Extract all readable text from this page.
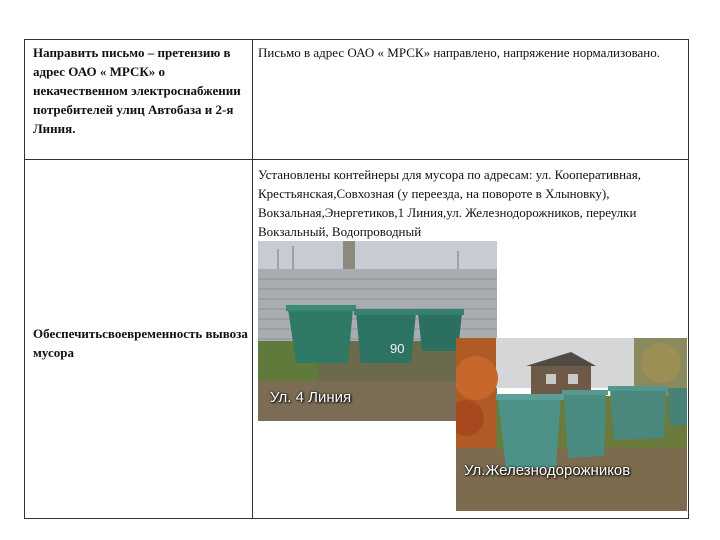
Направить письмо – претензию в адрес ОАО « МРСК» о некачественном электроснабжении потребителей улиц Автобаза и 2-я Линия.
Письмо в адрес ОАО « МРСК» направлено, напряжение нормализовано.
Обеспечитьсвоевременность вывоза мусора
Установлены контейнеры для мусора по адресам: ул. Кооперативная, Крестьянская,Совхозная (у переезда, на повороте в Хлыновку), Вокзальная,Энергетиков,1 Линия,ул. Железнодорожников, переулки Вокзальный, Водопроводный
90
Ул. 4 Линия
Ул.Железнодорожников
